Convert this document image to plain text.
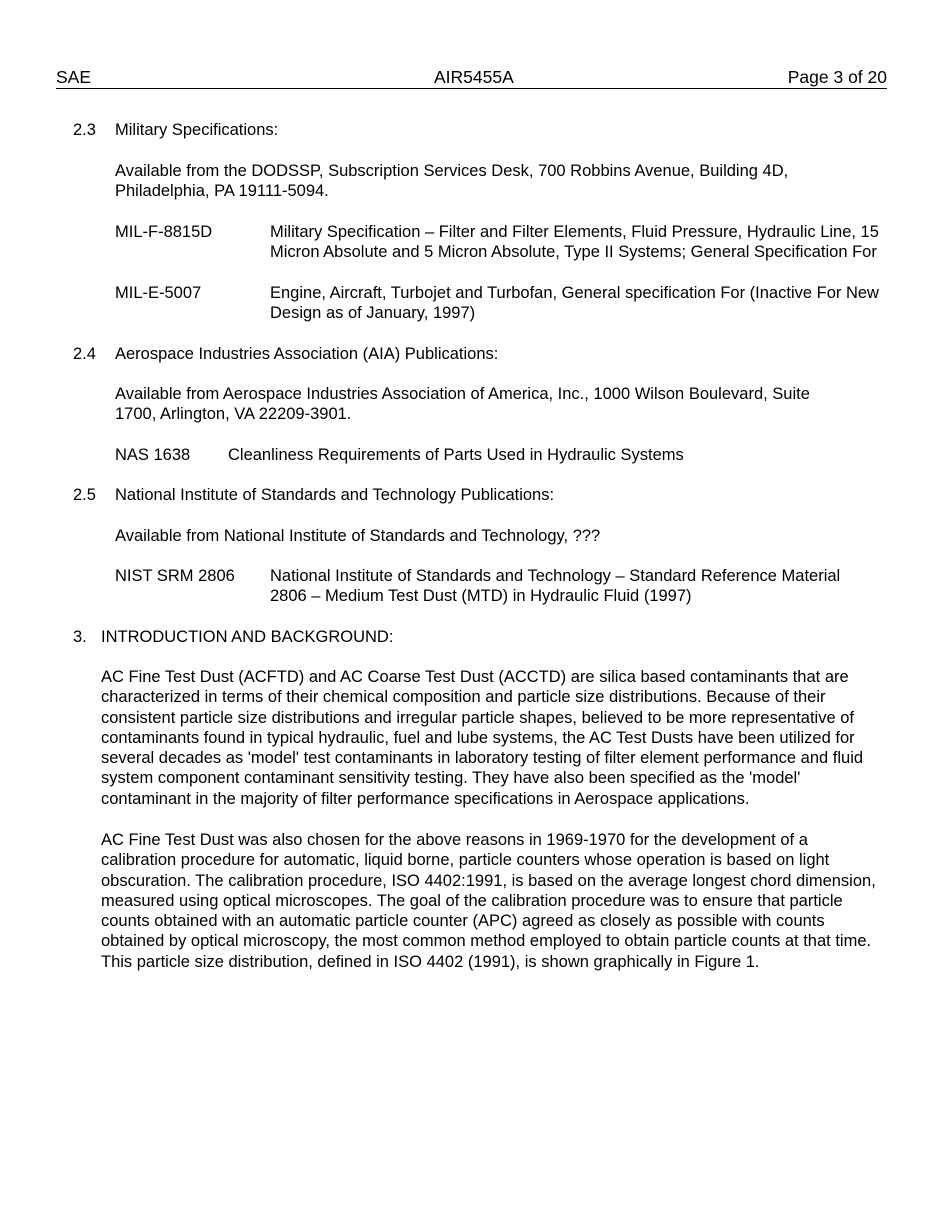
SAE	AIR5455A	Page 3 of 20
2.3 Military Specifications:
Available from the DODSSP, Subscription Services Desk, 700 Robbins Avenue, Building 4D, Philadelphia, PA 19111-5094.
MIL-F-8815D	Military Specification – Filter and Filter Elements, Fluid Pressure, Hydraulic Line, 15 Micron Absolute and 5 Micron Absolute, Type II Systems; General Specification For
MIL-E-5007	Engine, Aircraft, Turbojet and Turbofan, General specification For (Inactive For New Design as of January, 1997)
2.4 Aerospace Industries Association (AIA) Publications:
Available from Aerospace Industries Association of America, Inc., 1000 Wilson Boulevard, Suite 1700, Arlington, VA 22209-3901.
NAS 1638 Cleanliness Requirements of Parts Used in Hydraulic Systems
2.5 National Institute of Standards and Technology Publications:
Available from National Institute of Standards and Technology, ???
NIST SRM 2806 National Institute of Standards and Technology – Standard Reference Material 2806 – Medium Test Dust (MTD) in Hydraulic Fluid (1997)
3. INTRODUCTION AND BACKGROUND:
AC Fine Test Dust (ACFTD) and AC Coarse Test Dust (ACCTD) are silica based contaminants that are characterized in terms of their chemical composition and particle size distributions. Because of their consistent particle size distributions and irregular particle shapes, believed to be more representative of contaminants found in typical hydraulic, fuel and lube systems, the AC Test Dusts have been utilized for several decades as 'model' test contaminants in laboratory testing of filter element performance and fluid system component contaminant sensitivity testing. They have also been specified as the 'model' contaminant in the majority of filter performance specifications in Aerospace applications.
AC Fine Test Dust was also chosen for the above reasons in 1969-1970 for the development of a calibration procedure for automatic, liquid borne, particle counters whose operation is based on light obscuration. The calibration procedure, ISO 4402:1991, is based on the average longest chord dimension, measured using optical microscopes. The goal of the calibration procedure was to ensure that particle counts obtained with an automatic particle counter (APC) agreed as closely as possible with counts obtained by optical microscopy, the most common method employed to obtain particle counts at that time. This particle size distribution, defined in ISO 4402 (1991), is shown graphically in Figure 1.
